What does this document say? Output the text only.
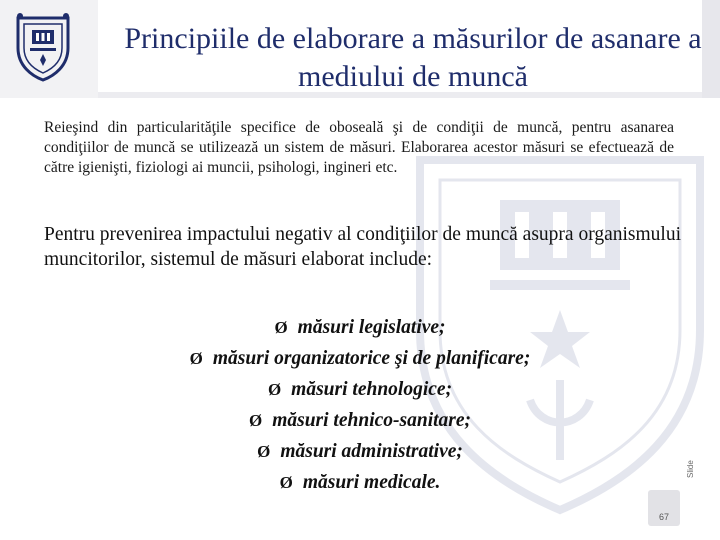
Principiile de elaborare a măsurilor de asanare a mediului de muncă
Reieşind din particularităţile specifice de oboseală şi de condiţii de muncă, pentru asanarea condiţiilor de muncă se utilizează un sistem de măsuri. Elaborarea acestor măsuri se efectuează de către igienişti, fiziologi ai muncii, psihologi, ingineri etc.
Pentru prevenirea impactului negativ al condiţiilor de muncă asupra organismului muncitorilor, sistemul de măsuri elaborat include:
Ø măsuri legislative;
Ø măsuri organizatorice şi de planificare;
Ø măsuri tehnologice;
Ø măsuri tehnico-sanitare;
Ø măsuri administrative;
Ø măsuri medicale.
67
Slide
